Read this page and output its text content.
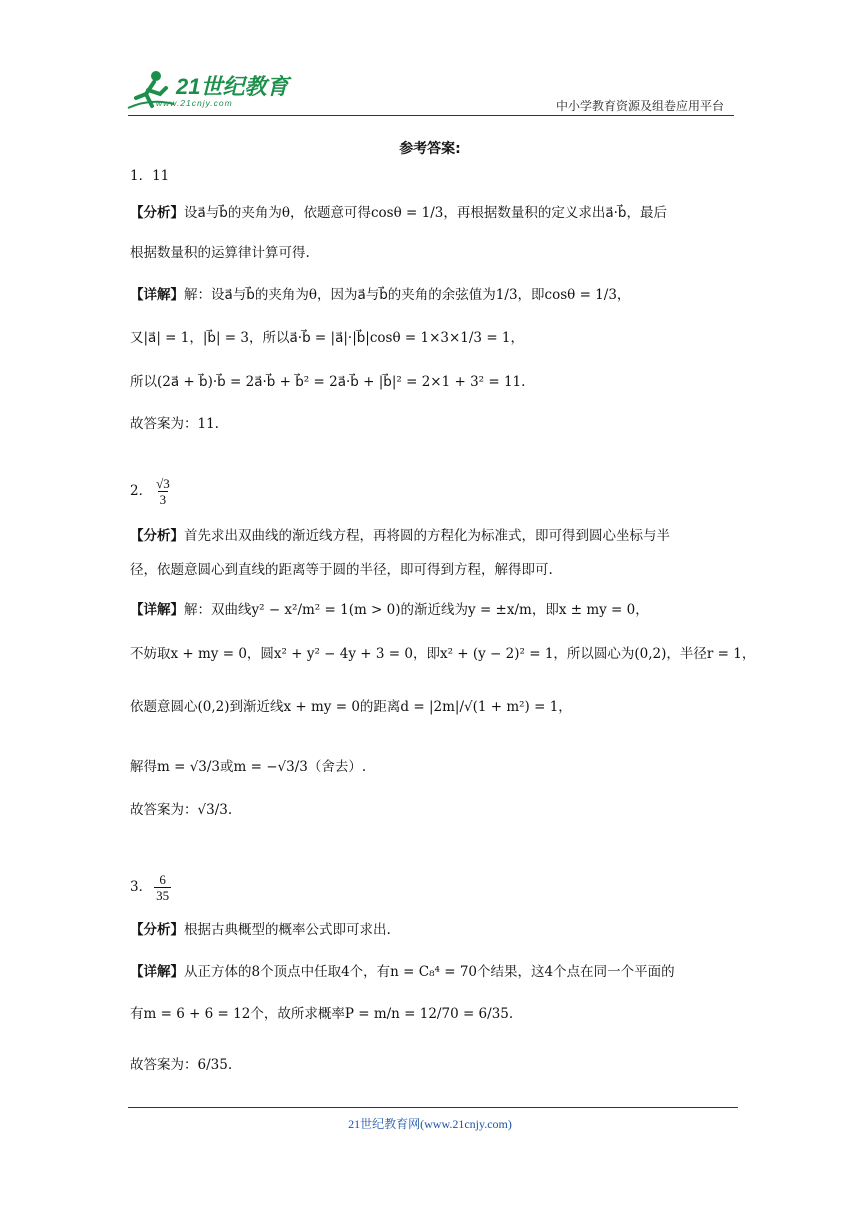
21世纪教育
www.21cnjy.com	中小学教育资源及组卷应用平台
参考答案:
1．11
【分析】设a⃗与b⃗的夹角为θ，依题意可得cosθ = 1/3，再根据数量积的定义求出a⃗·b⃗，最后
根据数量积的运算律计算可得.
【详解】解：设a⃗与b⃗的夹角为θ，因为a⃗与b⃗的夹角的余弦值为1/3，即cosθ = 1/3，
又|a⃗| = 1，|b⃗| = 3，所以a⃗·b⃗ = |a⃗|·|b⃗|cosθ = 1×3×1/3 = 1，
所以(2a⃗ + b⃗)·b⃗ = 2a⃗·b⃗ + b⃗² = 2a⃗·b⃗ + |b⃗|² = 2×1 + 3² = 11.
故答案为：11.
2． $\frac{√3}{3}$
【分析】首先求出双曲线的渐近线方程，再将圆的方程化为标准式，即可得到圆心坐标与半
径，依题意圆心到直线的距离等于圆的半径，即可得到方程，解得即可.
【详解】解：双曲线y² − x²/m² = 1(m > 0)的渐近线为y = ±x/m，即x ± my = 0，
不妨取x + my = 0，圆x² + y² − 4y + 3 = 0，即x² + (y − 2)² = 1，所以圆心为(0,2)，半径r = 1，
依题意圆心(0,2)到渐近线x + my = 0的距离d = |2m|/√(1 + m²) = 1，
解得m = √3/3或m = −√3/3（舍去）.
故答案为：√3/3.
3． $\frac{6}{35}$
【分析】根据古典概型的概率公式即可求出.
【详解】从正方体的8个顶点中任取4个，有n = C₈⁴ = 70个结果，这4个点在同一个平面的
有m = 6 + 6 = 12个，故所求概率P = m/n = 12/70 = 6/35.
故答案为：6/35.
21世纪教育网(www.21cnjy.com)
